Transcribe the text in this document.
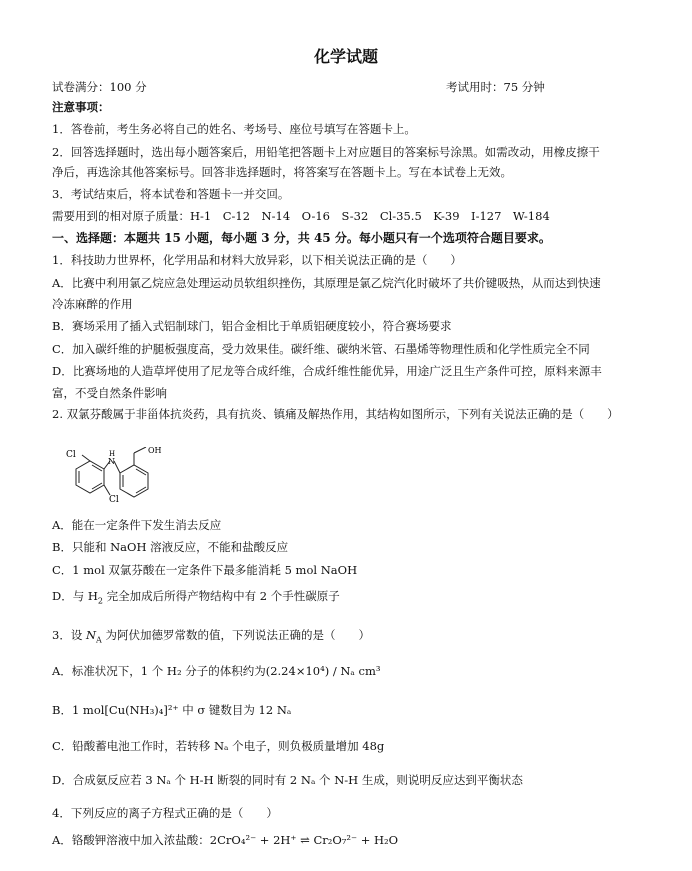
化学试题
试卷满分：100 分	考试用时：75 分钟
注意事项：
1．答卷前，考生务必将自己的姓名、考场号、座位号填写在答题卡上。
2．回答选择题时，选出每小题答案后，用铅笔把答题卡上对应题目的答案标号涂黑。如需改动，用橡皮擦干
净后，再选涂其他答案标号。回答非选择题时，将答案写在答题卡上。写在本试卷上无效。
3．考试结束后，将本试卷和答题卡一并交回。
需要用到的相对原子质量：H-1　C-12　N-14　O-16　S-32　Cl-35.5　K-39　I-127　W-184
一、选择题：本题共 15 小题，每小题 3 分，共 45 分。每小题只有一个选项符合题目要求。
1．科技助力世界杯，化学用品和材料大放异彩，以下相关说法正确的是（　　）
A．比赛中利用氯乙烷应急处理运动员软组织挫伤，其原理是氯乙烷汽化时破坏了共价键吸热，从而达到快速
冷冻麻醉的作用
B．赛场采用了插入式铝制球门，铝合金相比于单质铝硬度较小，符合赛场要求
C．加入碳纤维的护腿板强度高，受力效果佳。碳纤维、碳纳米管、石墨烯等物理性质和化学性质完全不同
D．比赛场地的人造草坪使用了尼龙等合成纤维，合成纤维性能优异，用途广泛且生产条件可控，原料来源丰
富，不受自然条件影响
2. 双氯芬酸属于非甾体抗炎药，具有抗炎、镇痛及解热作用，其结构如图所示，下列有关说法正确的是（　　）
Cl
Cl
N
H	OH
A．能在一定条件下发生消去反应
B．只能和 NaOH 溶液反应，不能和盐酸反应
C．1 mol 双氯芬酸在一定条件下最多能消耗 5 mol NaOH
D．与 $H_2$ 完全加成后所得产物结构中有 2 个手性碳原子
3．设 $N_A$ 为阿伏加德罗常数的值，下列说法正确的是（　　）
A．标准状况下，1 个 H₂ 分子的体积约为(2.24×10⁴) / Nₐ cm³
B．1 mol[Cu(NH₃)₄]²⁺ 中 σ 键数目为 12 Nₐ
C．铅酸蓄电池工作时，若转移 Nₐ 个电子，则负极质量增加 48g
D．合成氨反应若 3 Nₐ 个 H-H 断裂的同时有 2 Nₐ 个 N-H 生成，则说明反应达到平衡状态
4．下列反应的离子方程式正确的是（　　）
A．铬酸钾溶液中加入浓盐酸：2CrO₄²⁻ + 2H⁺ ⇌ Cr₂O₇²⁻ + H₂O
